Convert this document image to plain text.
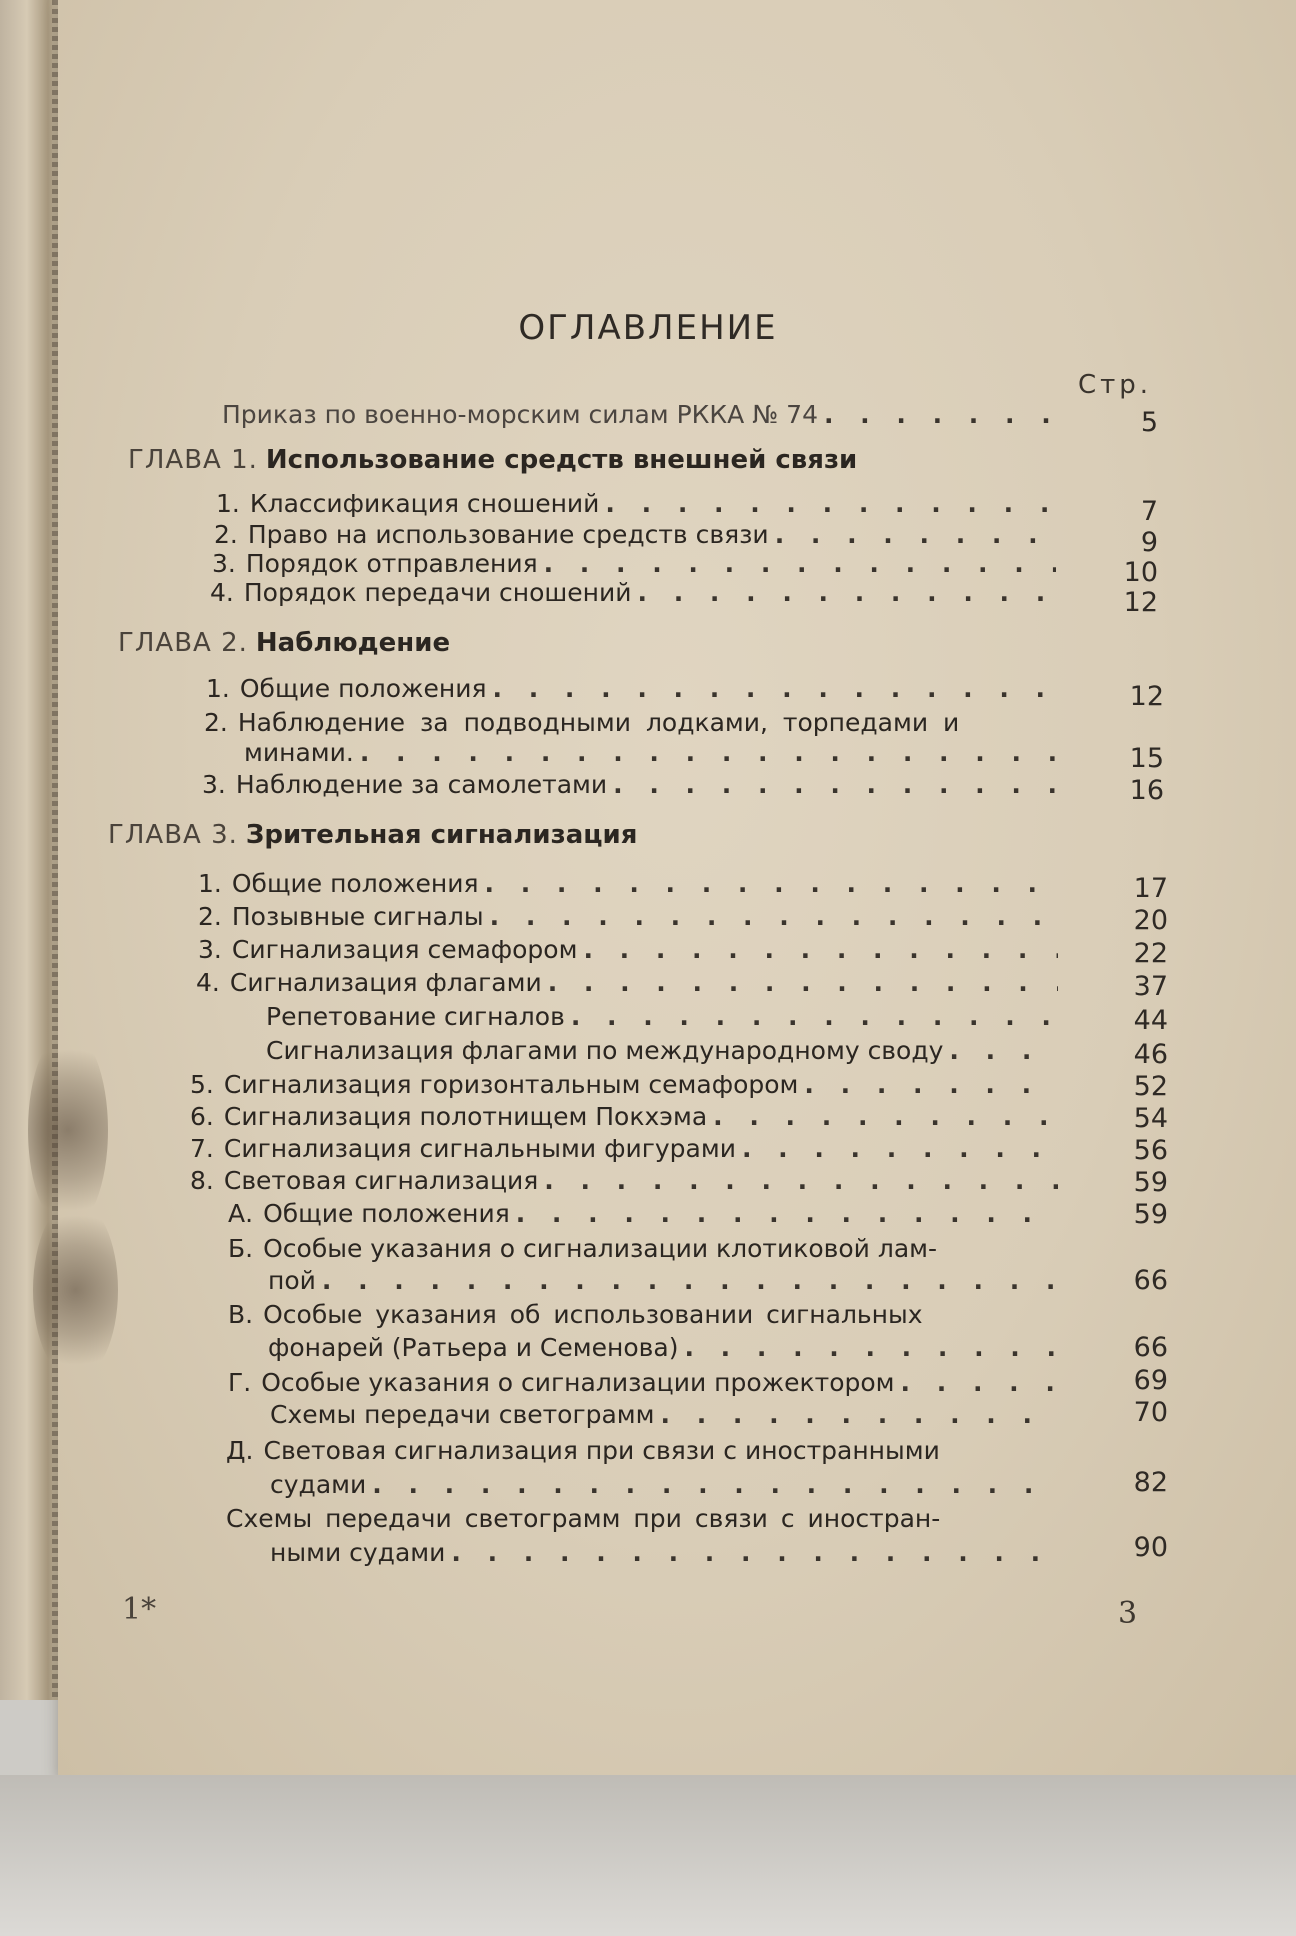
ОГЛАВЛЕНИЕ
Стр.
Приказ по военно-морским силам РККА № 74 . . .	5
ГЛАВА 1. Использование средств внешней связи
1. Классификация сношений . . .	7
2. Право на использование средств связи . . .	9
3. Порядок отправления . . .	10
4. Порядок передачи сношений . . .	12
ГЛАВА 2. Наблюдение
1. Общие положения . . .	12
2. Наблюдение за подводными лодками, торпедами и
минами. . . .	15
3. Наблюдение за самолетами . . .	16
ГЛАВА 3. Зрительная сигнализация
1. Общие положения . . .	17
2. Позывные сигналы . . .	20
3. Сигнализация семафором . . .	22
4. Сигнализация флагами . . .	37
Репетование сигналов . . .	44
Сигнализация флагами по международному своду . . .	46
5. Сигнализация горизонтальным семафором . . .	52
6. Сигнализация полотнищем Покхэма . . .	54
7. Сигнализация сигнальными фигурами . . .	56
8. Световая сигнализация . . .	59
А. Общие положения . . .	59
Б. Особые указания о сигнализации клотиковой лам-
пой . . .	66
В. Особые указания об использовании сигнальных
фонарей (Ратьера и Семенова) . . .	66
Г. Особые указания о сигнализации прожектором . . .	69
Схемы передачи светограмм . . .	70
Д. Световая сигнализация при связи с иностранными
судами . . .	82
Схемы передачи светограмм при связи с иностран-
ными судами . . .	90
1*	3
